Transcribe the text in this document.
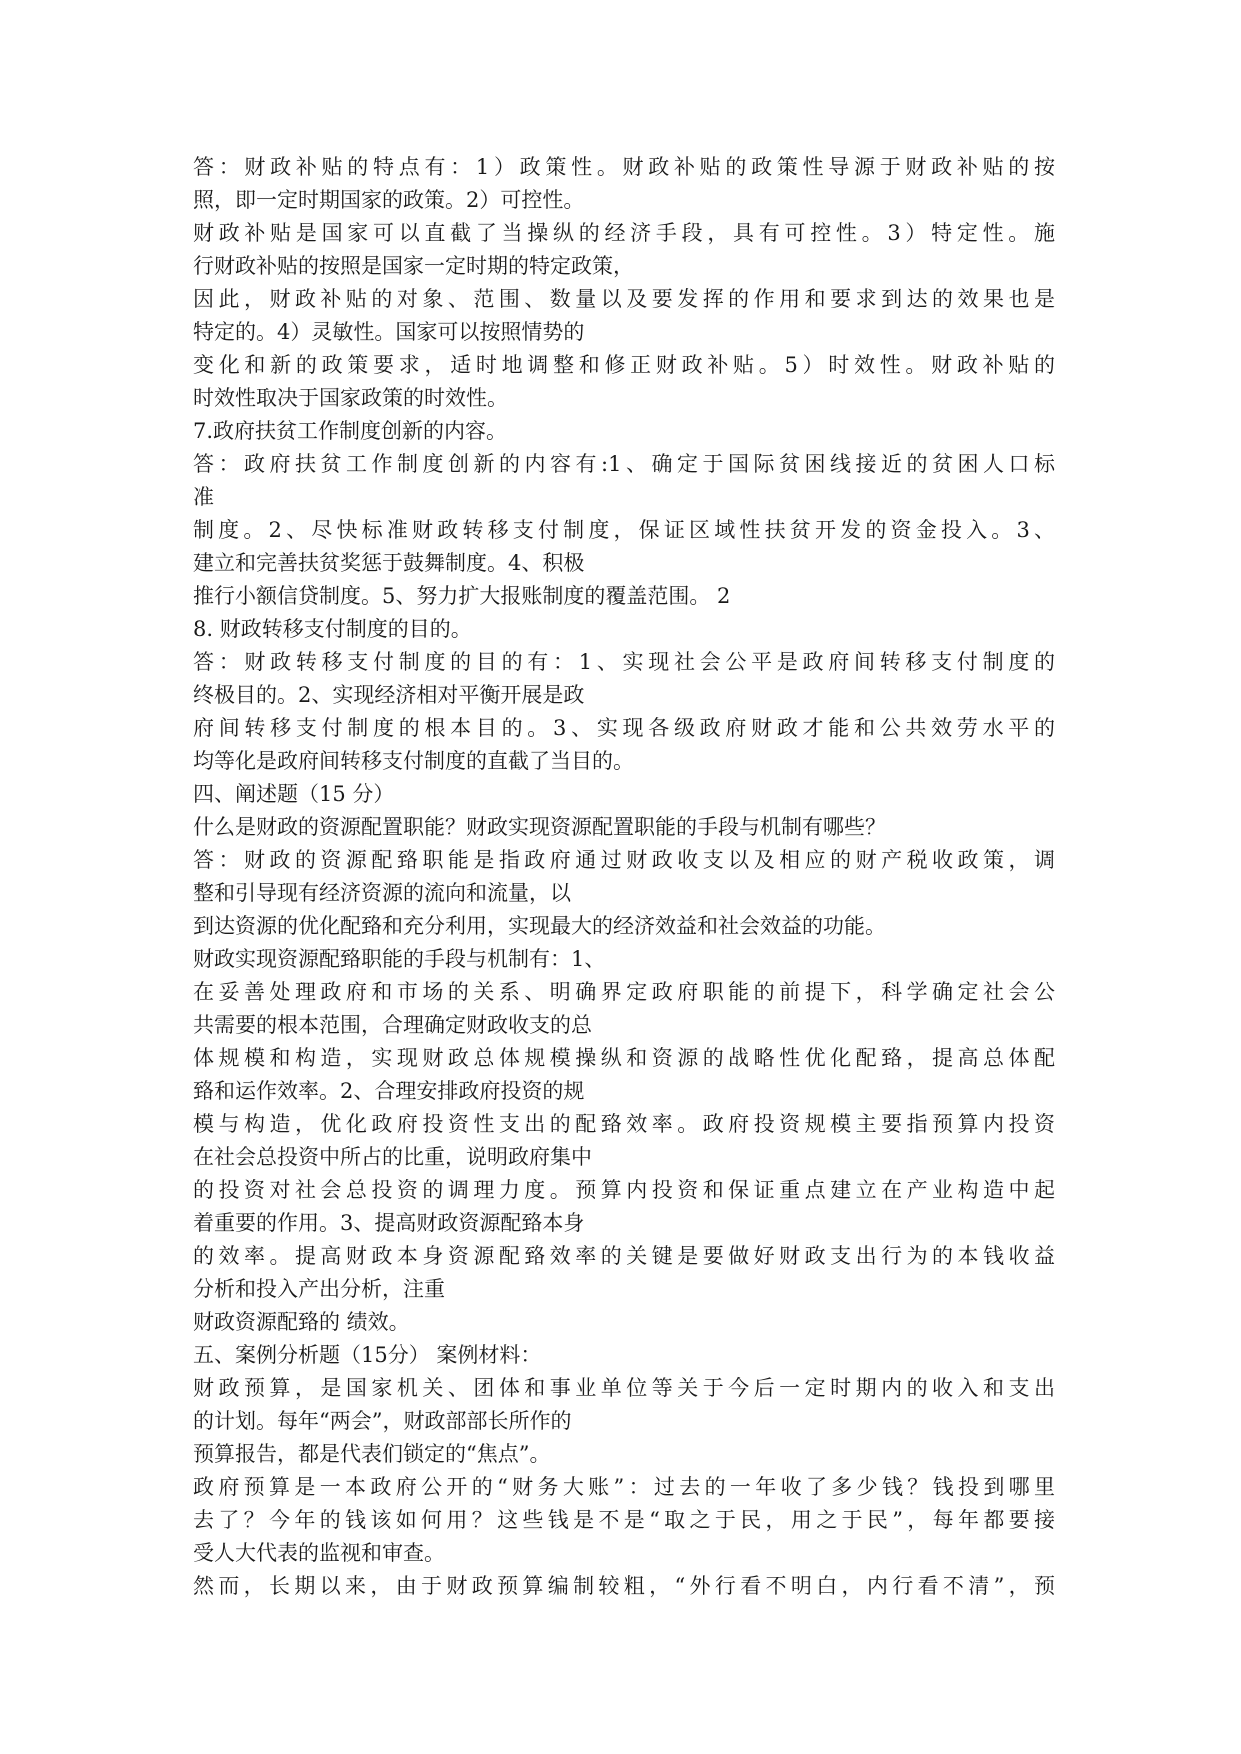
答：财政补贴的特点有：1）政策性。财政补贴的政策性导源于财政补贴的按
照，即一定时期国家的政策。2）可控性。
财政补贴是国家可以直截了当操纵的经济手段，具有可控性。3）特定性。施
行财政补贴的按照是国家一定时期的特定政策，
因此，财政补贴的对象、范围、数量以及要发挥的作用和要求到达的效果也是
特定的。4）灵敏性。国家可以按照情势的
变化和新的政策要求，适时地调整和修正财政补贴。5）时效性。财政补贴的
时效性取决于国家政策的时效性。
7.政府扶贫工作制度创新的内容。
答：政府扶贫工作制度创新的内容有:1、确定于国际贫困线接近的贫困人口标
准
制度。2、尽快标准财政转移支付制度，保证区域性扶贫开发的资金投入。3、
建立和完善扶贫奖惩于鼓舞制度。4、积极
推行小额信贷制度。5、努力扩大报账制度的覆盖范围。 2
8. 财政转移支付制度的目的。
答：财政转移支付制度的目的有：1、实现社会公平是政府间转移支付制度的
终极目的。2、实现经济相对平衡开展是政
府间转移支付制度的根本目的。3、实现各级政府财政才能和公共效劳水平的
均等化是政府间转移支付制度的直截了当目的。
四、阐述题（15 分）
什么是财政的资源配置职能？财政实现资源配置职能的手段与机制有哪些？
答：财政的资源配臵职能是指政府通过财政收支以及相应的财产税收政策，调
整和引导现有经济资源的流向和流量，以
到达资源的优化配臵和充分利用，实现最大的经济效益和社会效益的功能。
财政实现资源配臵职能的手段与机制有：1、
在妥善处理政府和市场的关系、明确界定政府职能的前提下，科学确定社会公
共需要的根本范围，合理确定财政收支的总
体规模和构造，实现财政总体规模操纵和资源的战略性优化配臵，提高总体配
臵和运作效率。2、合理安排政府投资的规
模与构造，优化政府投资性支出的配臵效率。政府投资规模主要指预算内投资
在社会总投资中所占的比重，说明政府集中
的投资对社会总投资的调理力度。预算内投资和保证重点建立在产业构造中起
着重要的作用。3、提高财政资源配臵本身
的效率。提高财政本身资源配臵效率的关键是要做好财政支出行为的本钱收益
分析和投入产出分析，注重
财政资源配臵的 绩效。
五、案例分析题（15分） 案例材料：
财政预算，是国家机关、团体和事业单位等关于今后一定时期内的收入和支出
的计划。每年“两会”，财政部部长所作的
预算报告，都是代表们锁定的“焦点”。
政府预算是一本政府公开的“财务大账”：过去的一年收了多少钱？钱投到哪里
去了？今年的钱该如何用？这些钱是不是“取之于民，用之于民”，每年都要接
受人大代表的监视和审查。
然而，长期以来，由于财政预算编制较粗，“外行看不明白，内行看不清”，预
